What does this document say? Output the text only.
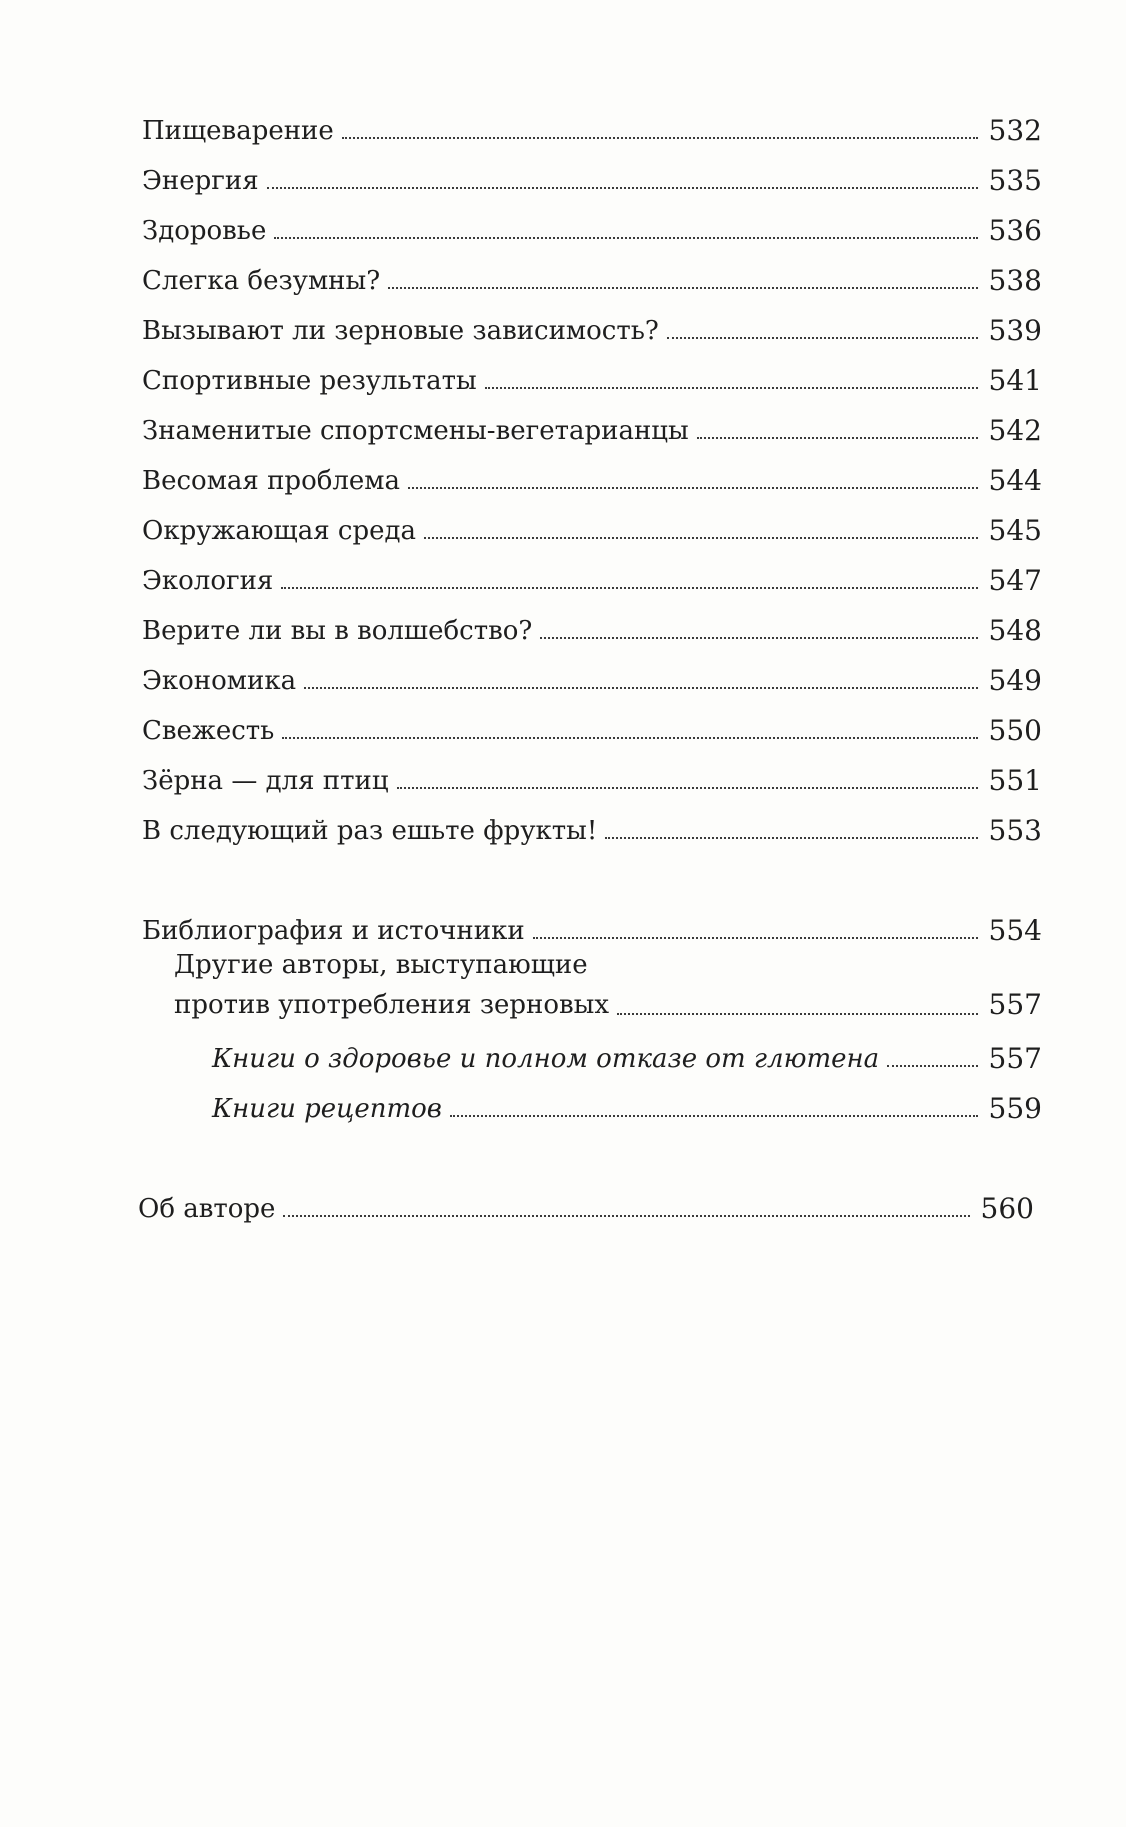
Пищеварение	532
Энергия	535
Здоровье	536
Слегка безумны?	538
Вызывают ли зерновые зависимость?	539
Спортивные результаты	541
Знаменитые спортсмены-вегетарианцы	542
Весомая проблема	544
Окружающая среда	545
Экология	547
Верите ли вы в волшебство?	548
Экономика	549
Свежесть	550
Зёрна — для птиц	551
В следующий раз ешьте фрукты!	553
Библиография и источники	554
Другие авторы, выступающие
против употребления зерновых	557
Книги о здоровье и полном отказе от глютена	557
Книги рецептов	559
Об авторе	560
